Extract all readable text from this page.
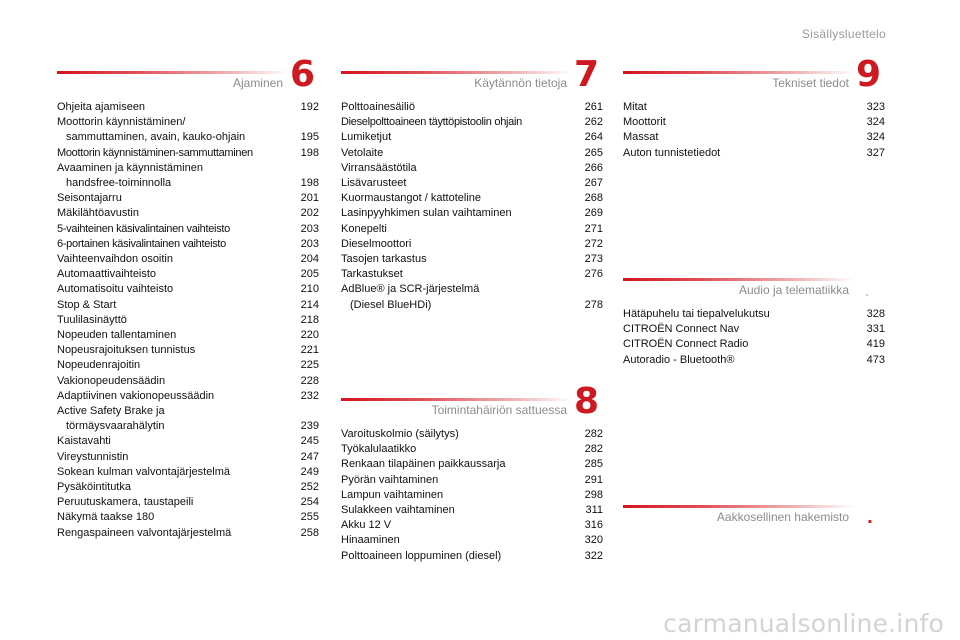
Sisällysluettelo
Ajaminen 6
Ohjeita ajamiseen	192
Moottorin käynnistäminen/
sammuttaminen, avain, kauko-ohjain	195
Moottorin käynnistäminen-sammuttaminen	198
Avaaminen ja käynnistäminen
handsfree-toiminnolla	198
Seisontajarru	201
Mäkilähtöavustin	202
5-vaihteinen käsivalintainen vaihteisto	203
6-portainen käsivalintainen vaihteisto	203
Vaihteenvaihdon osoitin	204
Automaattivaihteisto	205
Automatisoitu vaihteisto	210
Stop & Start	214
Tuulilasinäyttö	218
Nopeuden tallentaminen	220
Nopeusrajoituksen tunnistus	221
Nopeudenrajoitin	225
Vakionopeudensäädin	228
Adaptiivinen vakionopeussäädin	232
Active Safety Brake ja
törmäysvaarahälytin	239
Kaistavahti	245
Vireystunnistin	247
Sokean kulman valvontajärjestelmä	249
Pysäköintitutka	252
Peruutuskamera, taustapeili	254
Näkymä taakse 180	255
Rengaspaineen valvontajärjestelmä	258
Käytännön tietoja 7
Polttoainesäiliö	261
Dieselpolttoaineen täyttöpistoolin ohjain	262
Lumiketjut	264
Vetolaite	265
Virransäästötila	266
Lisävarusteet	267
Kuormaustangot / kattoteline	268
Lasinpyyhkimen sulan vaihtaminen	269
Konepelti	271
Dieselmoottori	272
Tasojen tarkastus	273
Tarkastukset	276
AdBlue® ja SCR-järjestelmä
(Diesel BlueHDi)	278
Toimintahäiriön sattuessa 8
Varoituskolmio (säilytys)	282
Työkalulaatikko	282
Renkaan tilapäinen paikkaussarja	285
Pyörän vaihtaminen	291
Lampun vaihtaminen	298
Sulakkeen vaihtaminen	311
Akku 12 V	316
Hinaaminen	320
Polttoaineen loppuminen (diesel)	322
Tekniset tiedot 9
Mitat	323
Moottorit	324
Massat	324
Auton tunnistetiedot	327
Audio ja telematiikka .
Hätäpuhelu tai tiepalvelukutsu	328
CITROËN Connect Nav	331
CITROËN Connect Radio	419
Autoradio - Bluetooth®	473
Aakkosellinen hakemisto .
carmanualsonline.info
